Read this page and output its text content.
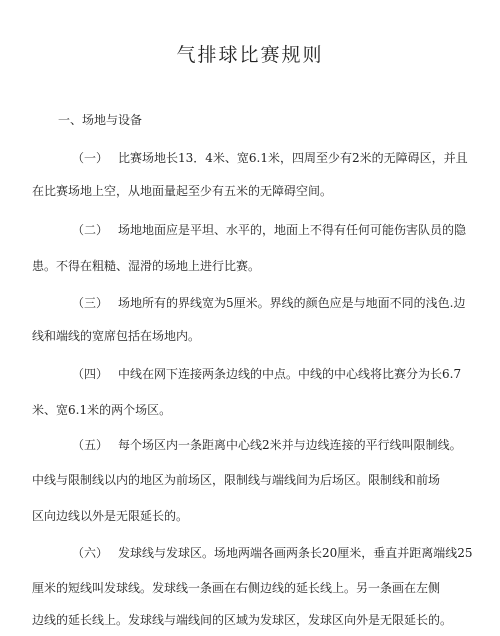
气排球比赛规则
一、场地与设备
（一） 比赛场地长13．4米、宽6.1米，四周至少有2米的无障碍区，并且
在比赛场地上空，从地面量起至少有五米的无障碍空间。
（二） 场地地面应是平坦、水平的，地面上不得有任何可能伤害队员的隐
患。不得在粗糙、湿滑的场地上进行比赛。
（三） 场地所有的界线宽为5厘米。界线的颜色应是与地面不同的浅色.边
线和端线的宽席包括在场地内。
（四） 中线在网下连接两条边线的中点。中线的中心线将比赛分为长6.7
米、宽6.1米的两个场区。
（五） 每个场区内一条距离中心线2米并与边线连接的平行线叫限制线。
中线与限制线以内的地区为前场区，限制线与端线间为后场区。限制线和前场
区向边线以外是无限延长的。
（六） 发球线与发球区。场地两端各画两条长20厘米，垂直并距离端线25
厘米的短线叫发球线。发球线一条画在右侧边线的延长线上。另一条画在左侧
边线的延长线上。发球线与端线间的区域为发球区，发球区向外是无限延长的。
